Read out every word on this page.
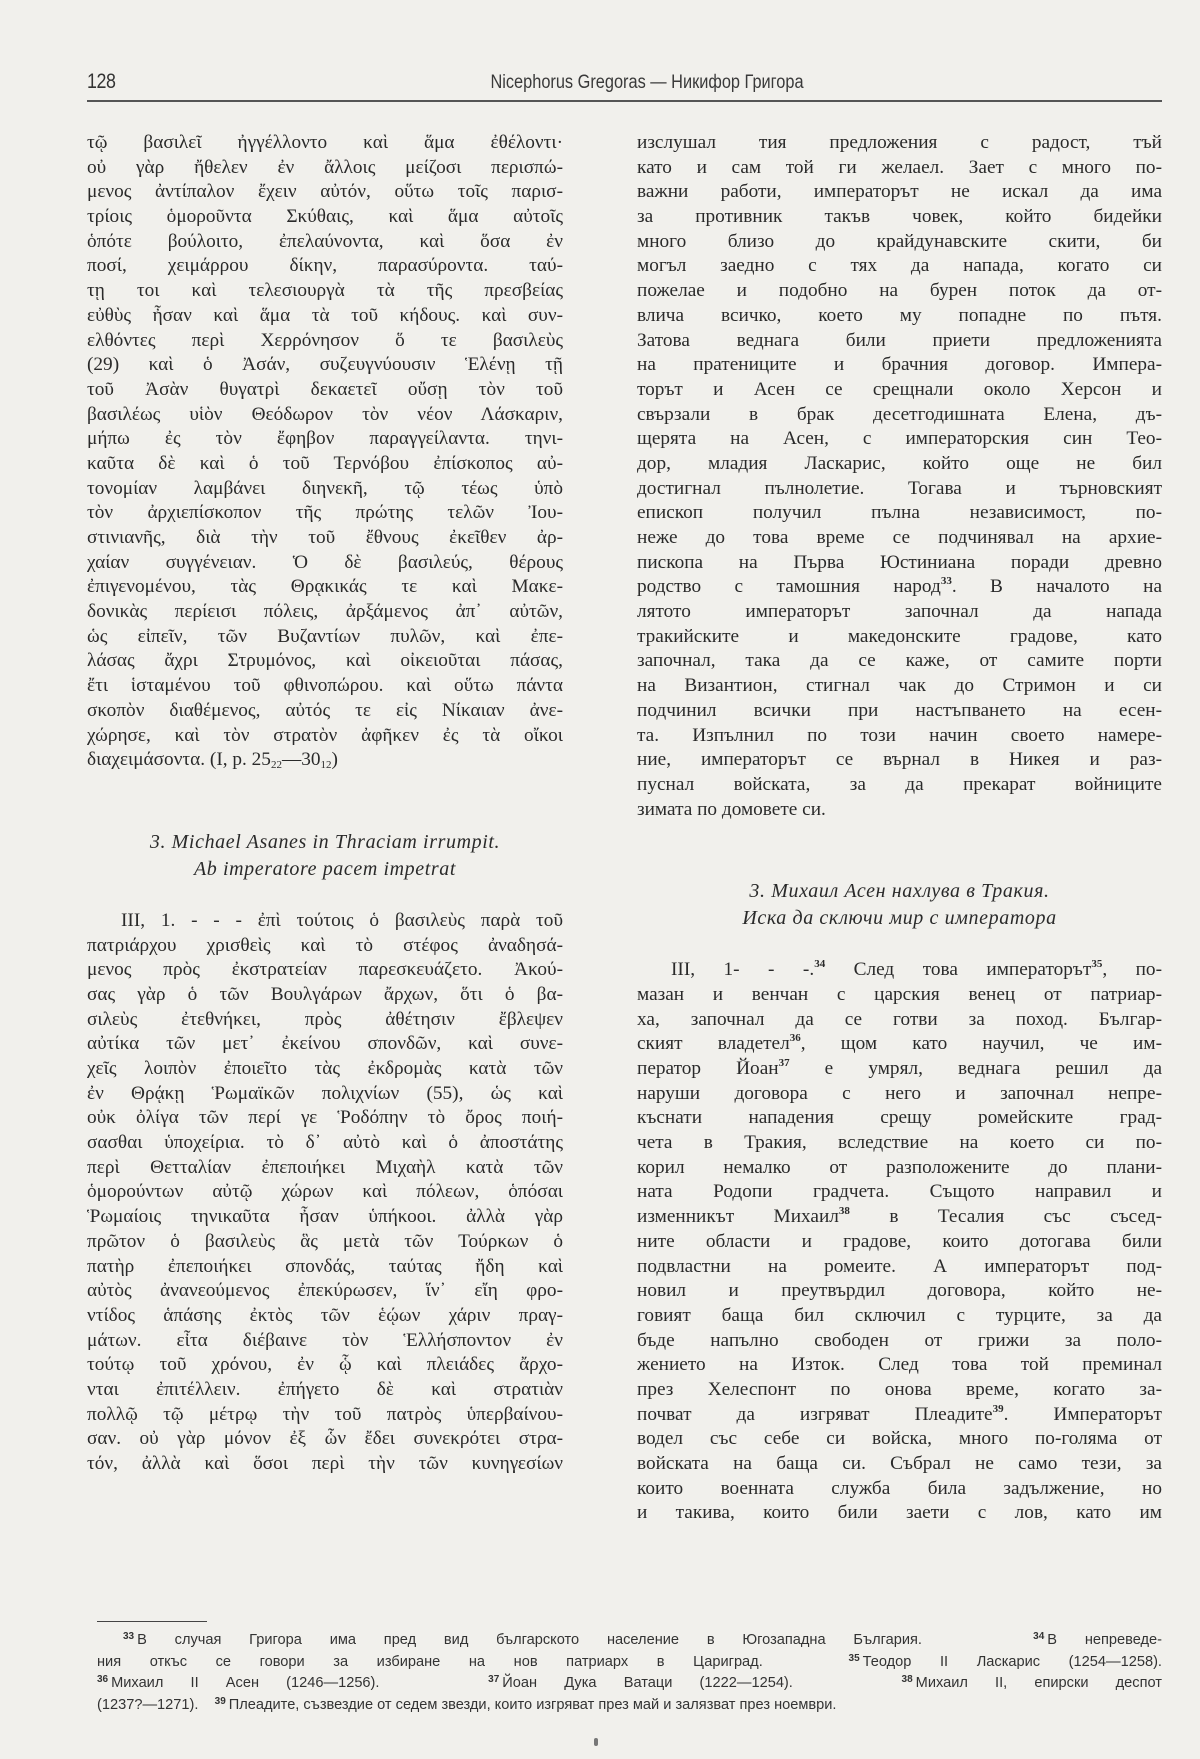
128	Nicephorus Gregoras — Никифор Григора
τῷ βασιλεῖ ἠγγέλλοντο καὶ ἅμα ἐθέλοντι·
οὐ γὰρ ἤθελεν ἐν ἄλλοις μείζοσι περισπώ-
μενος ἀντίπαλον ἔχειν αὐτόν, οὕτω τοῖς παρισ-
τρίοις ὁμοροῦντα Σκύθαις, καὶ ἅμα αὐτοῖς
ὁπότε βούλοιτο, ἐπελαύνοντα, καὶ ὅσα ἐν
ποσί, χειμάρρου δίκην, παρασύροντα. ταύ-
τῃ τοι καὶ τελεσιουργὰ τὰ τῆς πρεσβείας
εὐθὺς ἦσαν καὶ ἅμα τὰ τοῦ κήδους. καὶ συν-
ελθόντες περὶ Χερρόνησον ὅ τε βασιλεὺς
(29) καὶ ὁ Ἀσάν, συζευγνύουσιν Ἑλένῃ τῇ
τοῦ Ἀσὰν θυγατρὶ δεκαετεῖ οὔσῃ τὸν τοῦ
βασιλέως υἱὸν Θεόδωρον τὸν νέον Λάσκαριν,
μήπω ἐς τὸν ἔφηβον παραγγείλαντα. τηνι-
καῦτα δὲ καὶ ὁ τοῦ Τερνόβου ἐπίσκοπος αὐ-
τονομίαν λαμβάνει διηνεκῆ, τῷ τέως ὑπὸ
τὸν ἀρχιεπίσκοπον τῆς πρώτης τελῶν Ἰου-
στινιανῆς, διὰ τὴν τοῦ ἔθνους ἐκεῖθεν ἀρ-
χαίαν συγγένειαν. Ὁ δὲ βασιλεύς, θέρους
ἐπιγενομένου, τὰς Θρᾳκικάς τε καὶ Μακε-
δονικὰς περίεισι πόλεις, ἀρξάμενος ἀπ᾽ αὐτῶν,
ὡς εἰπεῖν, τῶν Βυζαντίων πυλῶν, καὶ ἐπε-
λάσας ἄχρι Στρυμόνος, καὶ οἰκειοῦται πάσας,
ἔτι ἱσταμένου τοῦ φθινοπώρου. καὶ οὕτω πάντα
σκοπὸν διαθέμενος, αὐτός τε εἰς Νίκαιαν ἀνε-
χώρησε, καὶ τὸν στρατὸν ἀφῆκεν ἐς τὰ οἴκοι
διαχειμάσοντα. (I, p. $25_{22}—30_{12}$)
3. Michael Asanes in Thraciam irrumpit.
Ab imperatore pacem impetrat
III, 1. - - - ἐπὶ τούτοις ὁ βασιλεὺς παρὰ τοῦ
πατριάρχου χρισθεὶς καὶ τὸ στέφος ἀναδησά-
μενος πρὸς ἐκστρατείαν παρεσκευάζετο. Ἀκού-
σας γὰρ ὁ τῶν Βουλγάρων ἄρχων, ὅτι ὁ βα-
σιλεὺς ἐτεθνήκει, πρὸς ἀθέτησιν ἔβλεψεν
αὐτίκα τῶν μετ᾽ ἐκείνου σπονδῶν, καὶ συνε-
χεῖς λοιπὸν ἐποιεῖτο τὰς ἐκδρομὰς κατὰ τῶν
ἐν Θρᾴκῃ Ῥωμαϊκῶν πολιχνίων (55), ὡς καὶ
οὐκ ὀλίγα τῶν περί γε Ῥοδόπην τὸ ὄρος ποιή-
σασθαι ὑποχείρια. τὸ δ᾽ αὐτὸ καὶ ὁ ἀποστάτης
περὶ Θετταλίαν ἐπεποιήκει Μιχαὴλ κατὰ τῶν
ὁμορούντων αὐτῷ χώρων καὶ πόλεων, ὁπόσαι
Ῥωμαίοις τηνικαῦτα ἦσαν ὑπήκοοι. ἀλλὰ γὰρ
πρῶτον ὁ βασιλεὺς ἃς μετὰ τῶν Τούρκων ὁ
πατὴρ ἐπεποιήκει σπονδάς, ταύτας ἤδη καὶ
αὐτὸς ἀνανεούμενος ἐπεκύρωσεν, ἵν᾽ εἴη φρο-
ντίδος ἁπάσης ἐκτὸς τῶν ἑῴων χάριν πραγ-
μάτων. εἶτα διέβαινε τὸν Ἑλλήσποντον ἐν
τούτῳ τοῦ χρόνου, ἐν ᾧ καὶ πλειάδες ἄρχο-
νται ἐπιτέλλειν. ἐπήγετο δὲ καὶ στρατιὰν
πολλῷ τῷ μέτρῳ τὴν τοῦ πατρὸς ὑπερβαίνου-
σαν. οὐ γὰρ μόνον ἐξ ὧν ἔδει συνεκρότει στρα-
τόν, ἀλλὰ καὶ ὅσοι περὶ τὴν τῶν κυνηγεσίων
изслушал тия предложения с радост, тъй
като и сам той ги желаел. Зает с много по-
важни работи, императорът не искал да има
за противник такъв човек, който бидейки
много близо до крайдунавските скити, би
могъл заедно с тях да напада, когато си
пожелае и подобно на бурен поток да от-
влича всичко, което му попадне по пътя.
Затова веднага били приети предложенията
на пратениците и брачния договор. Импера-
торът и Асен се срещнали около Херсон и
свързали в брак десетгодишната Елена, дъ-
щерята на Асен, с императорския син Тео-
дор, младия Ласкарис, който още не бил
достигнал пълнолетие. Тогава и търновският
епископ получил пълна независимост, по-
неже до това време се подчинявал на архие-
пископа на Първа Юстиниана поради древно
родство с тамошния народ$^{33}$. В началото на
лятото императорът започнал да напада
тракийските и македонските градове, като
започнал, така да се каже, от самите порти
на Византион, стигнал чак до Стримон и си
подчинил всички при настъпването на есен-
та. Изпълнил по този начин своето намере-
ние, императорът се върнал в Никея и раз-
пуснал войската, за да прекарат войниците
зимата по домовете си.
3. Михаил Асен нахлува в Тракия.
Иска да сключи мир с императора
III, 1- - -.$^{34}$ След това императорът$^{35}$, по-
мазан и венчан с царския венец от патриар-
ха, започнал да се готви за поход. Българ-
ският владетел$^{36}$, щом като научил, че им-
ператор Йоан$^{37}$ е умрял, веднага решил да
наруши договора с него и започнал непре-
къснати нападения срещу ромейските град-
чета в Тракия, вследствие на което си по-
корил немалко от разположените до плани-
ната Родопи градчета. Същото направил и
изменникът Михаил$^{38}$ в Тесалия със съсед-
ните области и градове, които дотогава били
подвластни на ромеите. А императорът под-
новил и преутвърдил договора, който не-
говият баща бил сключил с турците, за да
бъде напълно свободен от грижи за поло-
жението на Изток. След това той преминал
през Хелеспонт по онова време, когато за-
почват да изгряват Плеадите$^{39}$. Императорът
водел със себе си войска, много по-голяма от
войската на баща си. Събрал не само тези, за
които военната служба била задължение, но
и такива, които били заети с лов, като им
$^{33}$ В случая Григора има пред вид българското население в Югозападна България.	$^{34}$ В непреведе-
ния откъс се говори за избиране на нов патриарх в Цариград.	$^{35}$ Теодор II Ласкарис (1254—1258).
$^{36}$ Михаил II Асен (1246—1256).	$^{37}$ Йоан Дука Ватаци (1222—1254).	$^{38}$ Михаил II, епирски деспот
(1237?—1271). $^{39}$ Плеадите, съзвездие от седем звезди, които изгряват през май и залязват през ноември.
